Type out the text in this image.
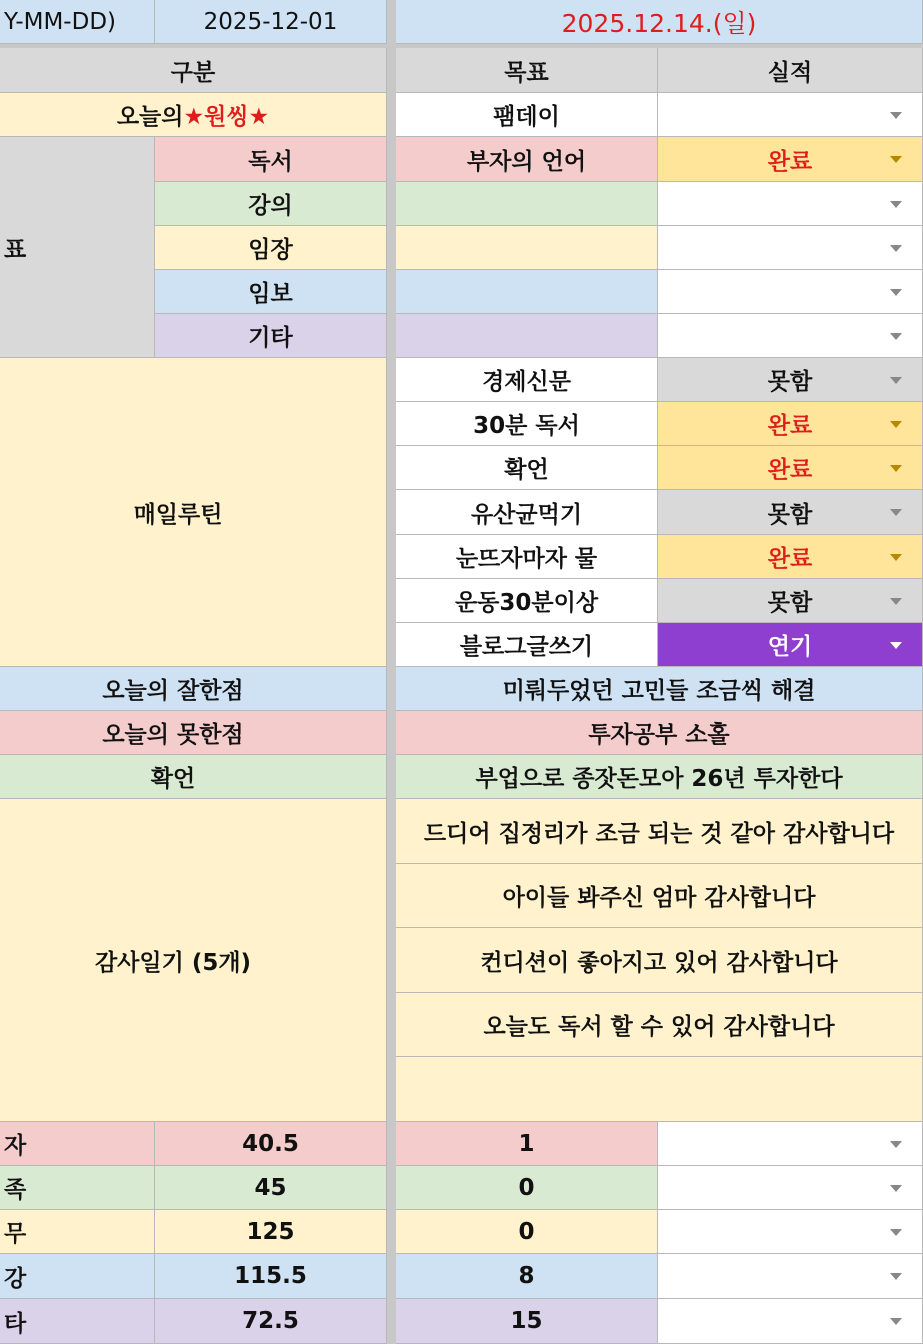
Y-MM-DD)	2025-12-01	2025.12.14.(일)
구분	목표	실적
오늘의 ★원씽★	팸데이
표
독서	부자의 언어	완료
강의
임장
임보
기타
매일루틴
경제신문	못함
30분 독서	완료
확언	완료
유산균먹기	못함
눈뜨자마자 물	완료
운동30분이상	못함
블로그글쓰기	연기
오늘의 잘한점	미뤄두었던 고민들 조금씩 해결
오늘의 못한점	투자공부 소홀
확언	부업으로 종잣돈모아 26년 투자한다
감사일기 (5개)
드디어 집정리가 조금 되는 것 같아 감사합니다
아이들 봐주신 엄마 감사합니다
컨디션이 좋아지고 있어 감사합니다
오늘도 독서 할 수 있어 감사합니다
자	40.5	1
족	45	0
무	125	0
강	115.5	8
타	72.5	15
